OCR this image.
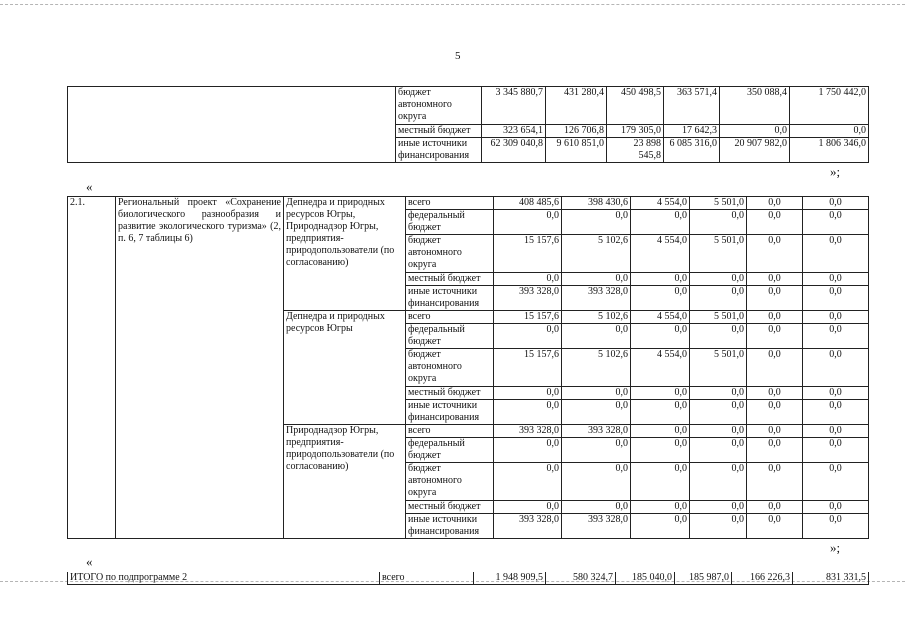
5
	бюджет автономного округа	3 345 880,7	431 280,4	450 498,5	363 571,4	350 088,4	1 750 442,0
	местный бюджет	323 654,1	126 706,8	179 305,0	17 642,3	0,0	0,0
	иные источники финансирования	62 309 040,8	9 610 851,0	23 898 545,8	6 085 316,0	20 907 982,0	1 806 346,0
»;
«
2.1.	Региональный проект «Сохранение биологического разнообразия и развитие экологического туризма» (2, п. 6, 7 таблицы 6)	Депнедра и природных ресурсов Югры, Природнадзор Югры, предприятия-природопользователи (по согласованию)	всего	408 485,6	398 430,6	4 554,0	5 501,0	0,0	0,0
			федеральный бюджет	0,0	0,0	0,0	0,0	0,0	0,0
			бюджет автономного округа	15 157,6	5 102,6	4 554,0	5 501,0	0,0	0,0
			местный бюджет	0,0	0,0	0,0	0,0	0,0	0,0
			иные источники финансирования	393 328,0	393 328,0	0,0	0,0	0,0	0,0
		Депнедра и природных ресурсов Югры	всего	15 157,6	5 102,6	4 554,0	5 501,0	0,0	0,0
			федеральный бюджет	0,0	0,0	0,0	0,0	0,0	0,0
			бюджет автономного округа	15 157,6	5 102,6	4 554,0	5 501,0	0,0	0,0
			местный бюджет	0,0	0,0	0,0	0,0	0,0	0,0
			иные источники финансирования	0,0	0,0	0,0	0,0	0,0	0,0
		Природнадзор Югры, предприятия-природопользователи (по согласованию)	всего	393 328,0	393 328,0	0,0	0,0	0,0	0,0
			федеральный бюджет	0,0	0,0	0,0	0,0	0,0	0,0
			бюджет автономного округа	0,0	0,0	0,0	0,0	0,0	0,0
			местный бюджет	0,0	0,0	0,0	0,0	0,0	0,0
			иные источники финансирования	393 328,0	393 328,0	0,0	0,0	0,0	0,0
»;
«
ИТОГО по подпрограмме 2	всего	1 948 909,5	580 324,7	185 040,0	185 987,0	166 226,3	831 331,5
